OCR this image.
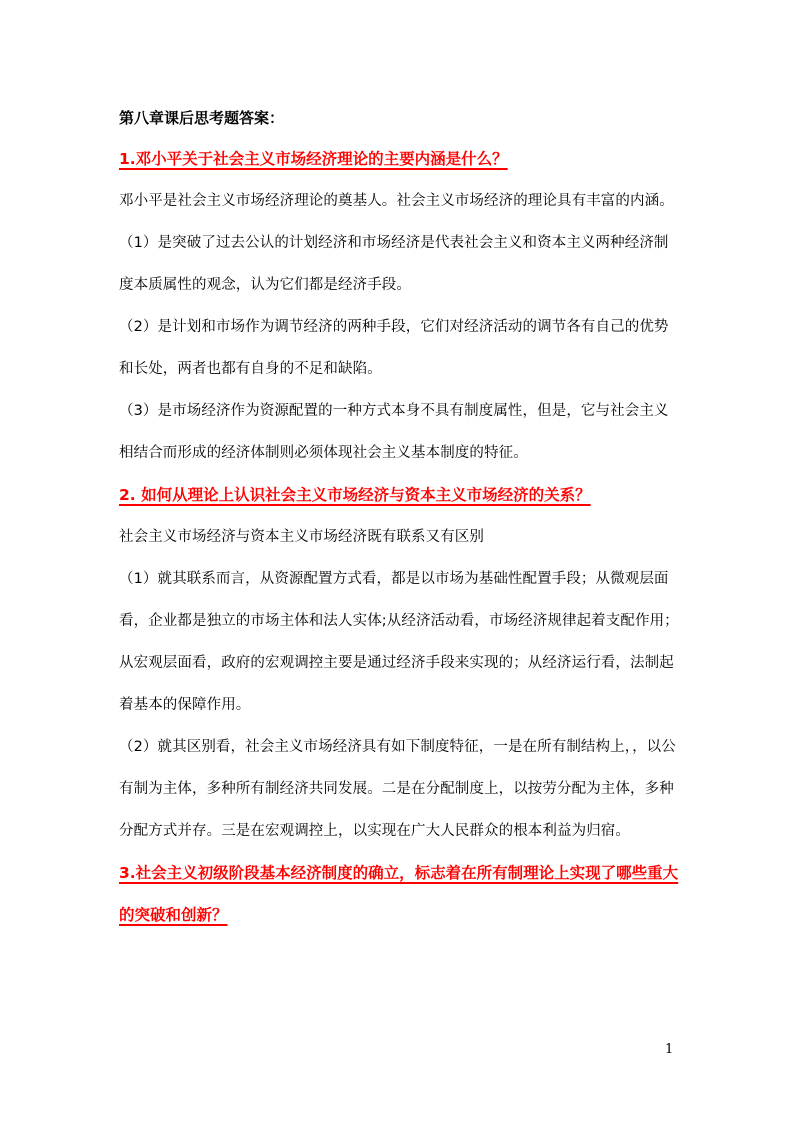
第八章课后思考题答案：

1.邓小平关于社会主义市场经济理论的主要内涵是什么？

邓小平是社会主义市场经济理论的奠基人。社会主义市场经济的理论具有丰富的内涵。

（1）是突破了过去公认的计划经济和市场经济是代表社会主义和资本主义两种经济制度本质属性的观念，认为它们都是经济手段。

（2）是计划和市场作为调节经济的两种手段，它们对经济活动的调节各有自己的优势和长处，两者也都有自身的不足和缺陷。

（3）是市场经济作为资源配置的一种方式本身不具有制度属性，但是，它与社会主义相结合而形成的经济体制则必须体现社会主义基本制度的特征。

2. 如何从理论上认识社会主义市场经济与资本主义市场经济的关系？

社会主义市场经济与资本主义市场经济既有联系又有区别

（1）就其联系而言，从资源配置方式看，都是以市场为基础性配置手段；从微观层面看，企业都是独立的市场主体和法人实体;从经济活动看，市场经济规律起着支配作用；从宏观层面看，政府的宏观调控主要是通过经济手段来实现的；从经济运行看，法制起着基本的保障作用。

（2）就其区别看，社会主义市场经济具有如下制度特征，一是在所有制结构上，，以公有制为主体，多种所有制经济共同发展。二是在分配制度上，以按劳分配为主体，多种分配方式并存。三是在宏观调控上，以实现在广大人民群众的根本利益为归宿。

3.社会主义初级阶段基本经济制度的确立，标志着在所有制理论上实现了哪些重大的突破和创新？

1
